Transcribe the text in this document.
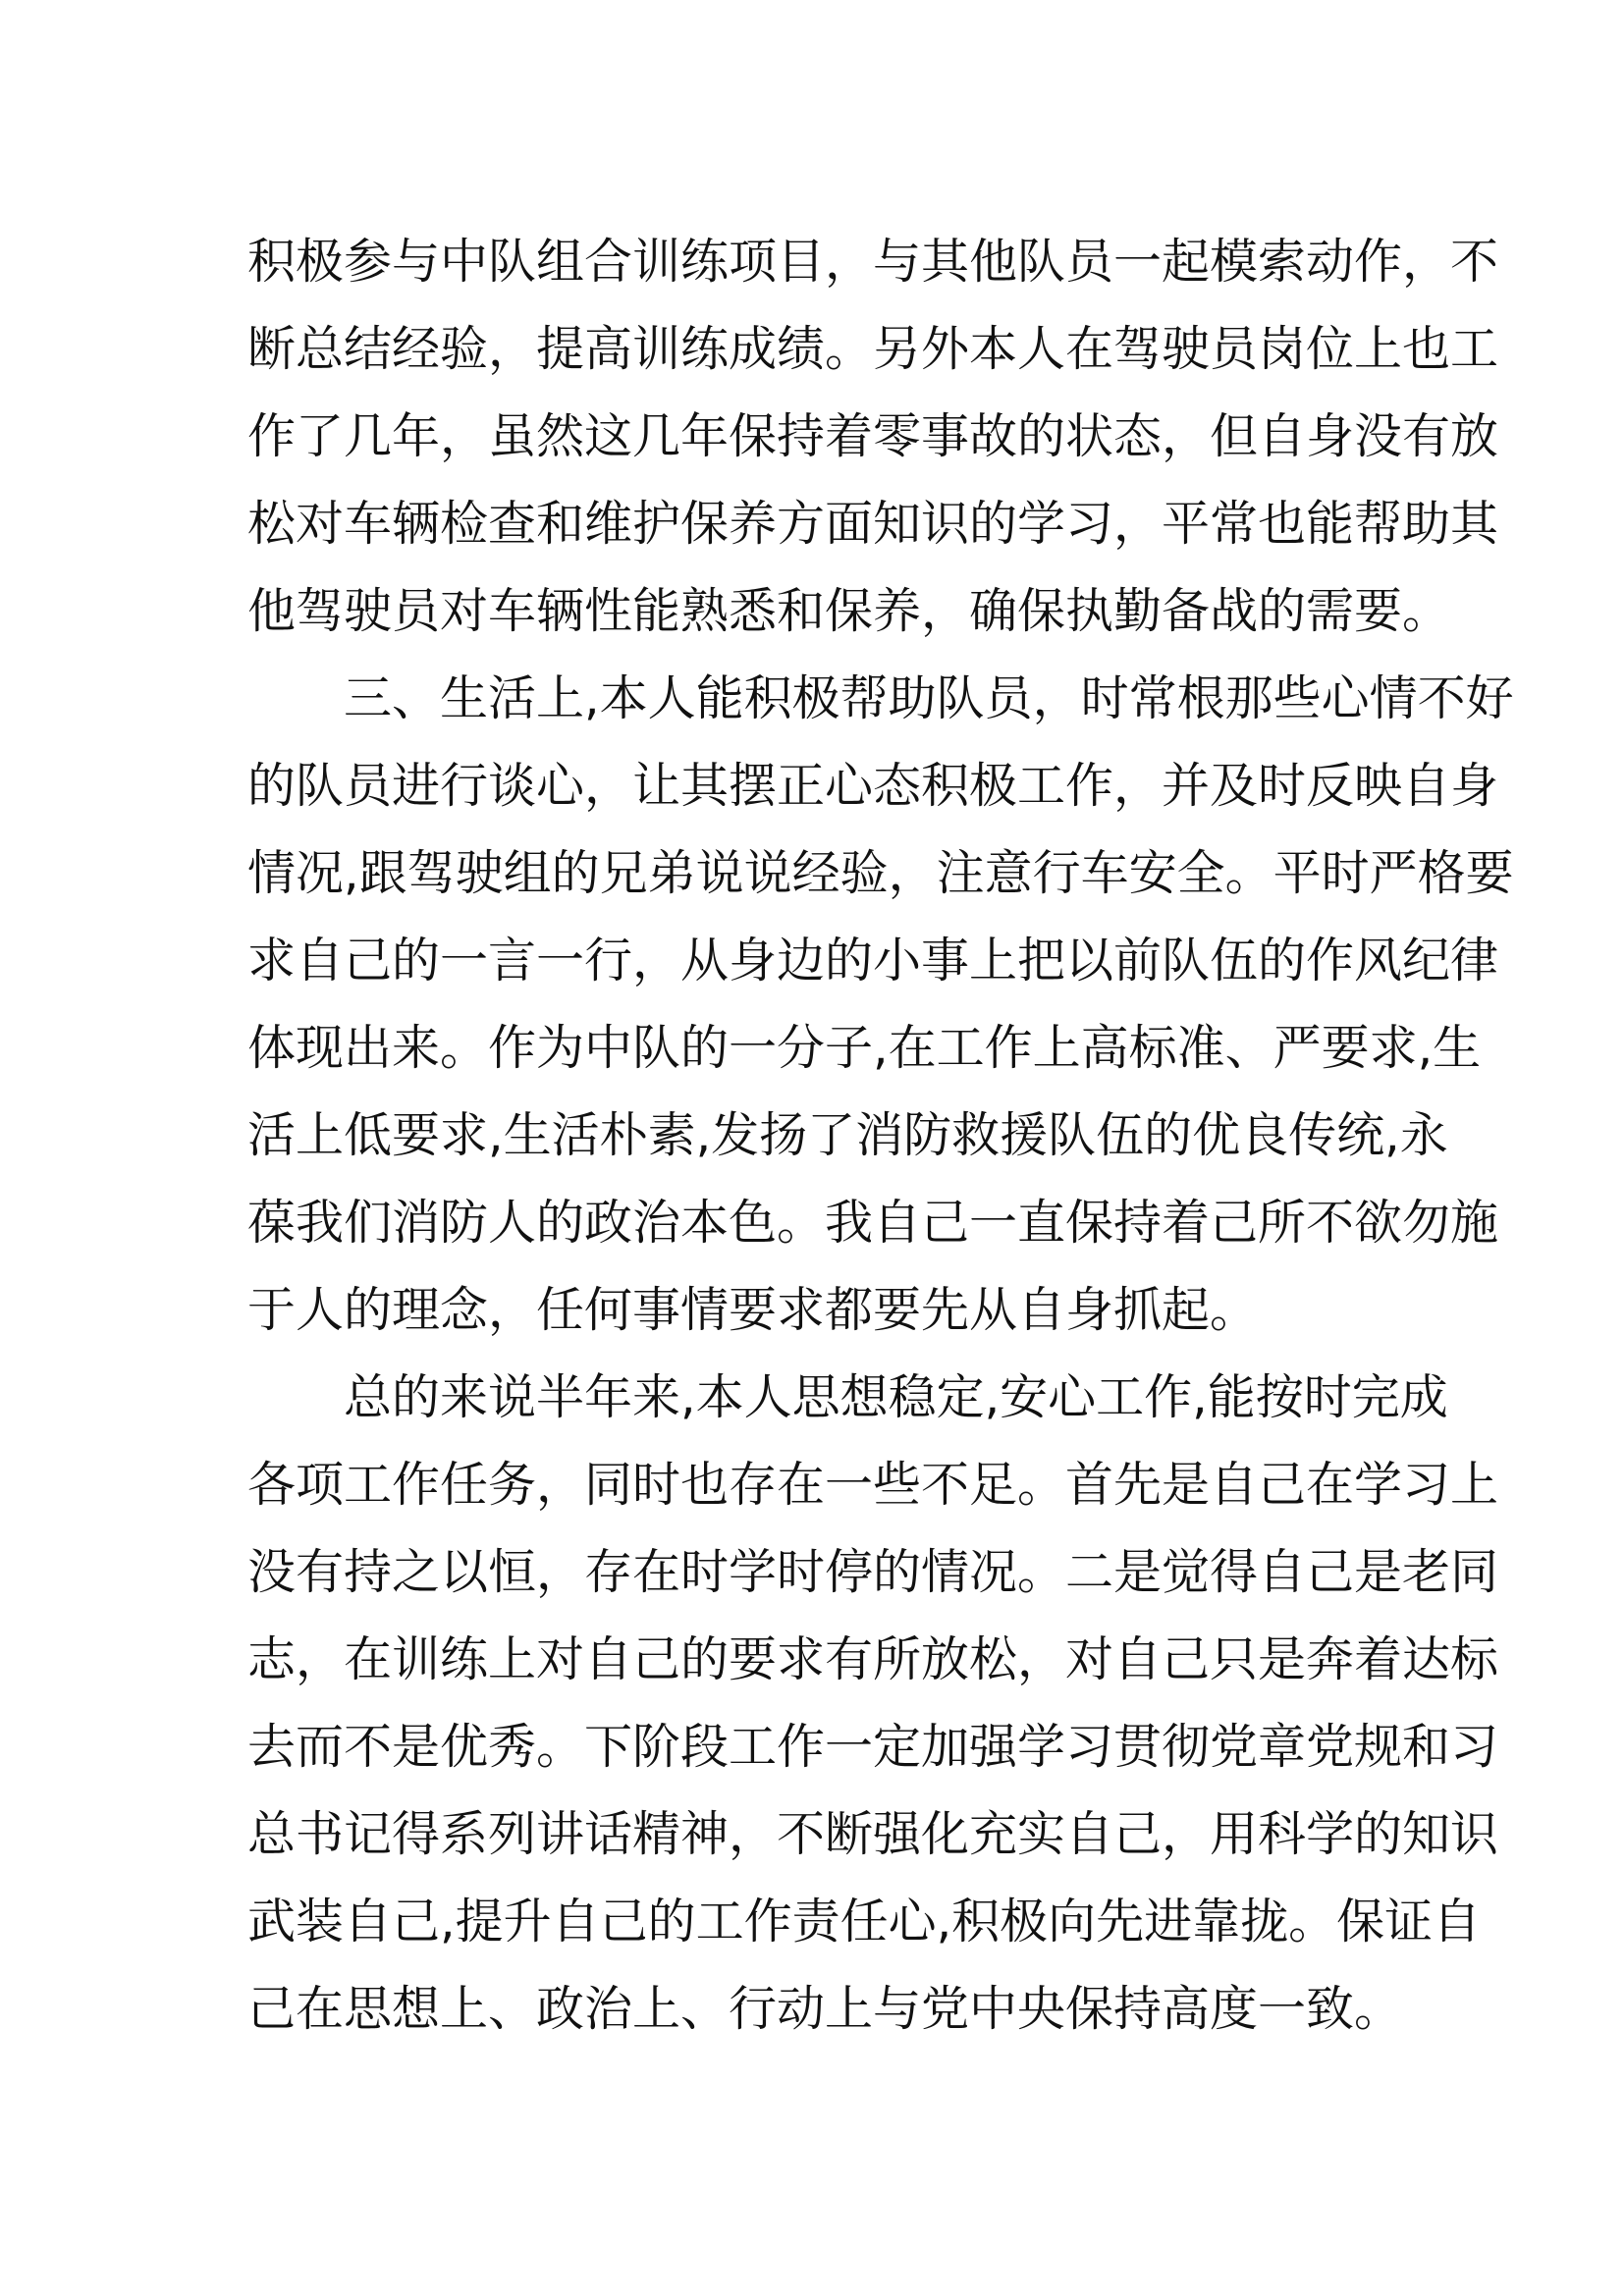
积极参与中队组合训练项目，与其他队员一起模索动作，不
断总结经验，提高训练成绩。另外本人在驾驶员岗位上也工
作了几年，虽然这几年保持着零事故的状态，但自身没有放
松对车辆检查和维护保养方面知识的学习，平常也能帮助其
他驾驶员对车辆性能熟悉和保养，确保执勤备战的需要。
三、生活上,本人能积极帮助队员，时常根那些心情不好
的队员进行谈心，让其摆正心态积极工作，并及时反映自身
情况,跟驾驶组的兄弟说说经验，注意行车安全。平时严格要
求自己的一言一行，从身边的小事上把以前队伍的作风纪律
体现出来。作为中队的一分子,在工作上高标准、严要求,生
活上低要求,生活朴素,发扬了消防救援队伍的优良传统,永
葆我们消防人的政治本色。我自己一直保持着己所不欲勿施
于人的理念，任何事情要求都要先从自身抓起。
总的来说半年来,本人思想稳定,安心工作,能按时完成
各项工作任务，同时也存在一些不足。首先是自己在学习上
没有持之以恒，存在时学时停的情况。二是觉得自己是老同
志，在训练上对自己的要求有所放松，对自己只是奔着达标
去而不是优秀。下阶段工作一定加强学习贯彻党章党规和习
总书记得系列讲话精神，不断强化充实自己，用科学的知识
武装自己,提升自己的工作责任心,积极向先进靠拢。保证自
己在思想上、政治上、行动上与党中央保持高度一致。
